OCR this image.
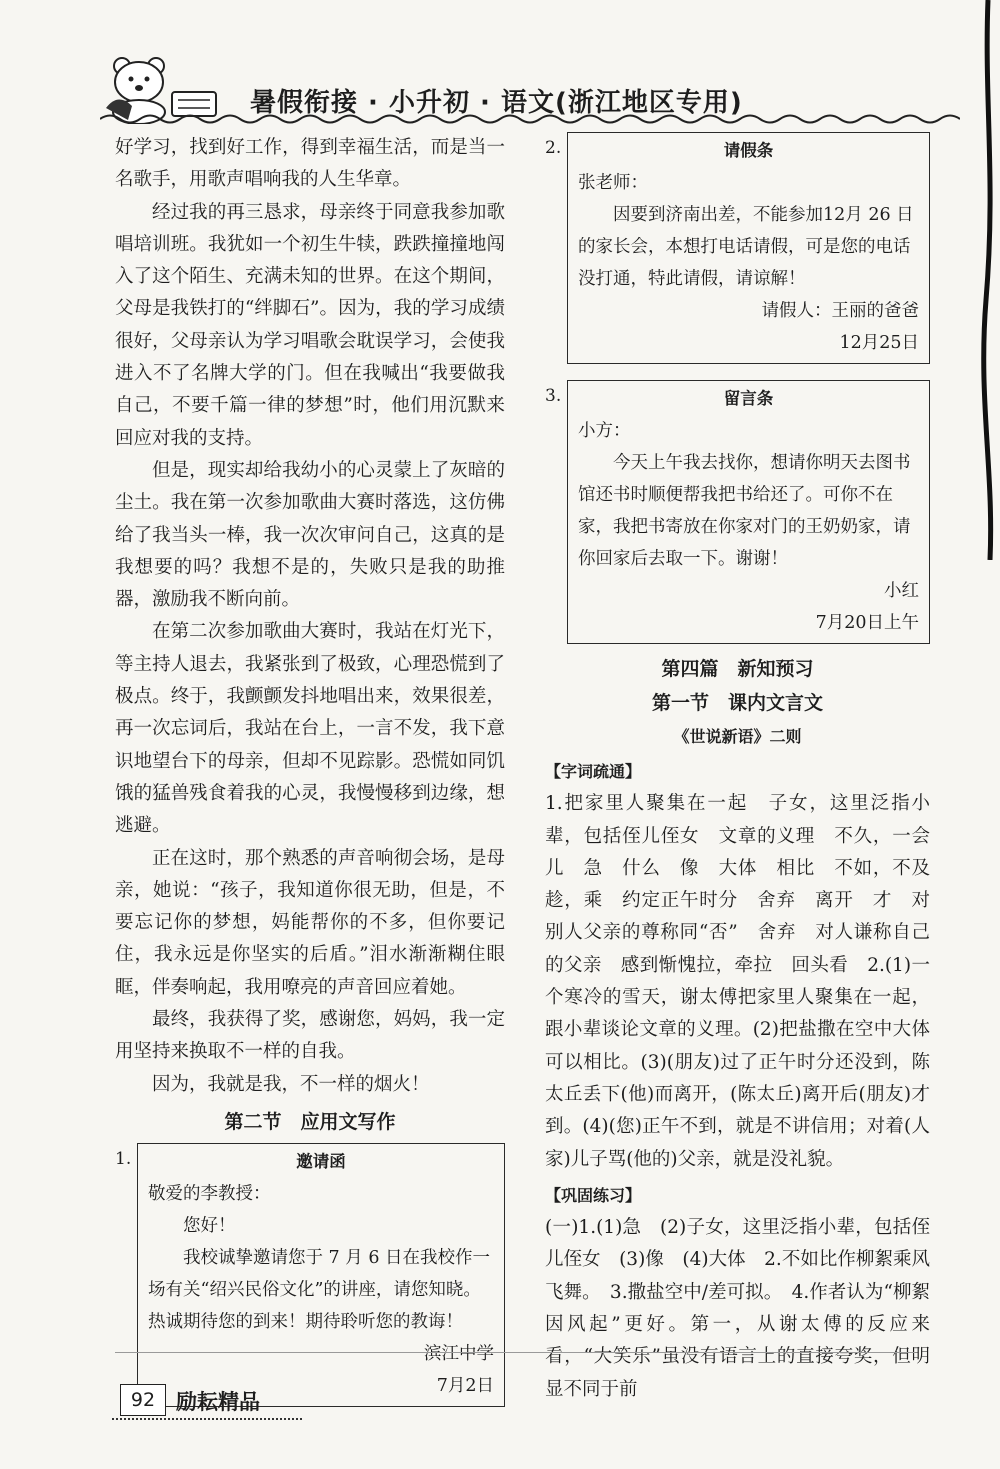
暑假衔接 · 小升初 · 语文(浙江地区专用)

好学习，找到好工作，得到幸福生活，而是当一名歌手，用歌声唱响我的人生华章。

经过我的再三恳求，母亲终于同意我参加歌唱培训班。我犹如一个初生牛犊，跌跌撞撞地闯入了这个陌生、充满未知的世界。在这个期间，父母是我铁打的“绊脚石”。因为，我的学习成绩很好，父母亲认为学习唱歌会耽误学习，会使我进入不了名牌大学的门。但在我喊出“我要做我自己，不要千篇一律的梦想”时，他们用沉默来回应对我的支持。

但是，现实却给我幼小的心灵蒙上了灰暗的尘土。我在第一次参加歌曲大赛时落选，这仿佛给了我当头一棒，我一次次审问自己，这真的是我想要的吗？我想不是的，失败只是我的助推器，激励我不断向前。

在第二次参加歌曲大赛时，我站在灯光下，等主持人退去，我紧张到了极致，心理恐慌到了极点。终于，我颤颤发抖地唱出来，效果很差，再一次忘词后，我站在台上，一言不发，我下意识地望台下的母亲，但却不见踪影。恐慌如同饥饿的猛兽残食着我的心灵，我慢慢移到边缘，想逃避。

正在这时，那个熟悉的声音响彻会场，是母亲，她说：“孩子，我知道你很无助，但是，不要忘记你的梦想，妈能帮你的不多，但你要记住，我永远是你坚实的后盾。”泪水渐渐糊住眼眶，伴奏响起，我用嘹亮的声音回应着她。

最终，我获得了奖，感谢您，妈妈，我一定用坚持来换取不一样的自我。

因为，我就是我，不一样的烟火！

第二节　应用文写作
1.	邀请函
敬爱的李教授：
您好！
我校诚挚邀请您于 7 月 6 日在我校作一场有关“绍兴民俗文化”的讲座，请您知晓。热诚期待您的到来！期待聆听您的教诲！
滨江中学
7月2日
2.	请假条
张老师：
因要到济南出差，不能参加12月 26 日的家长会，本想打电话请假，可是您的电话没打通，特此请假，请谅解！
请假人：王丽的爸爸
12月25日
3.	留言条
小方：
今天上午我去找你，想请你明天去图书馆还书时顺便帮我把书给还了。可你不在家，我把书寄放在你家对门的王奶奶家，请你回家后去取一下。谢谢！
小红
7月20日上午
第四篇　新知预习
第一节　课内文言文
《世说新语》二则
【字词疏通】

1.把家里人聚集在一起　子女，这里泛指小辈，包括侄儿侄女　文章的义理　不久，一会儿　急　什么　像　大体　相比　不如，不及　趁，乘　约定正午时分　舍弃　离开　才　对别人父亲的尊称同“否”　舍弃　对人谦称自己的父亲　感到惭愧拉，牵拉　回头看　2.(1)一个寒冷的雪天，谢太傅把家里人聚集在一起，跟小辈谈论文章的义理。(2)把盐撒在空中大体可以相比。(3)(朋友)过了正午时分还没到，陈太丘丢下(他)而离开，(陈太丘)离开后(朋友)才到。(4)(您)正午不到，就是不讲信用；对着(人家)儿子骂(他的)父亲，就是没礼貌。

【巩固练习】

(一)1.(1)急　(2)子女，这里泛指小辈，包括侄儿侄女　(3)像　(4)大体　2.不如比作柳絮乘风飞舞。　3.撒盐空中/差可拟。　4.作者认为“柳絮因风起”更好。第一，从谢太傅的反应来看，“大笑乐”虽没有语言上的直接夸奖，但明显不同于前

92 励耘精品
